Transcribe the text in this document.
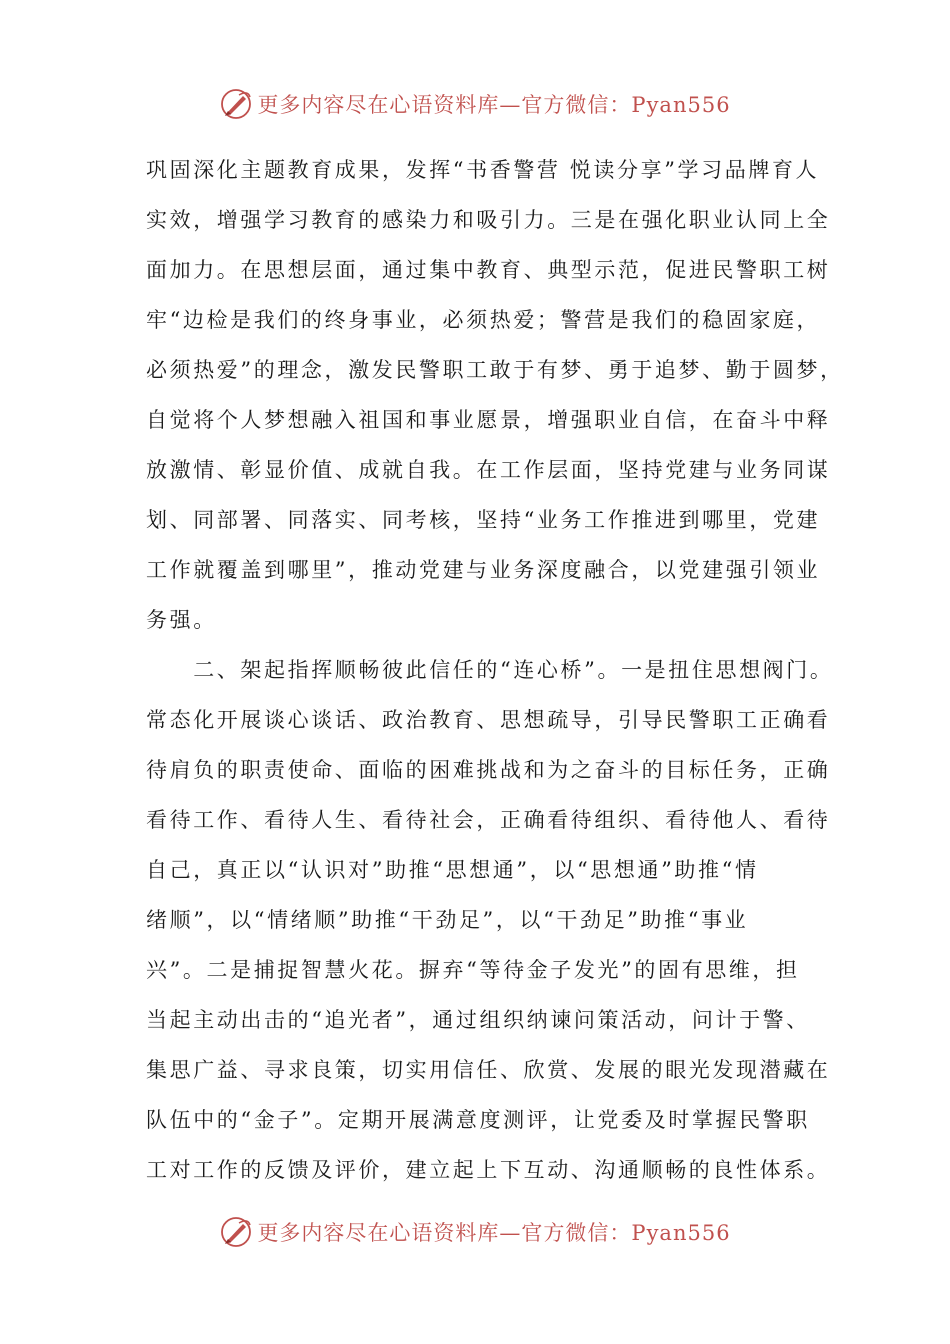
更多内容尽在心语资料库—官方微信：Pyan556
巩固深化主题教育成果，发挥“书香警营 悦读分享”学习品牌育人
实效，增强学习教育的感染力和吸引力。三是在强化职业认同上全
面加力。在思想层面，通过集中教育、典型示范，促进民警职工树
牢“边检是我们的终身事业，必须热爱；警营是我们的稳固家庭，
必须热爱”的理念，激发民警职工敢于有梦、勇于追梦、勤于圆梦，
自觉将个人梦想融入祖国和事业愿景，增强职业自信，在奋斗中释
放激情、彰显价值、成就自我。在工作层面，坚持党建与业务同谋
划、同部署、同落实、同考核，坚持“业务工作推进到哪里，党建
工作就覆盖到哪里”，推动党建与业务深度融合，以党建强引领业
务强。
　　二、架起指挥顺畅彼此信任的“连心桥”。一是扭住思想阀门。
常态化开展谈心谈话、政治教育、思想疏导，引导民警职工正确看
待肩负的职责使命、面临的困难挑战和为之奋斗的目标任务，正确
看待工作、看待人生、看待社会，正确看待组织、看待他人、看待
自己，真正以“认识对”助推“思想通”，以“思想通”助推“情
绪顺”，以“情绪顺”助推“干劲足”，以“干劲足”助推“事业
兴”。二是捕捉智慧火花。摒弃“等待金子发光”的固有思维，担
当起主动出击的“追光者”，通过组织纳谏问策活动，问计于警、
集思广益、寻求良策，切实用信任、欣赏、发展的眼光发现潜藏在
队伍中的“金子”。定期开展满意度测评，让党委及时掌握民警职
工对工作的反馈及评价，建立起上下互动、沟通顺畅的良性体系。
更多内容尽在心语资料库—官方微信：Pyan556
